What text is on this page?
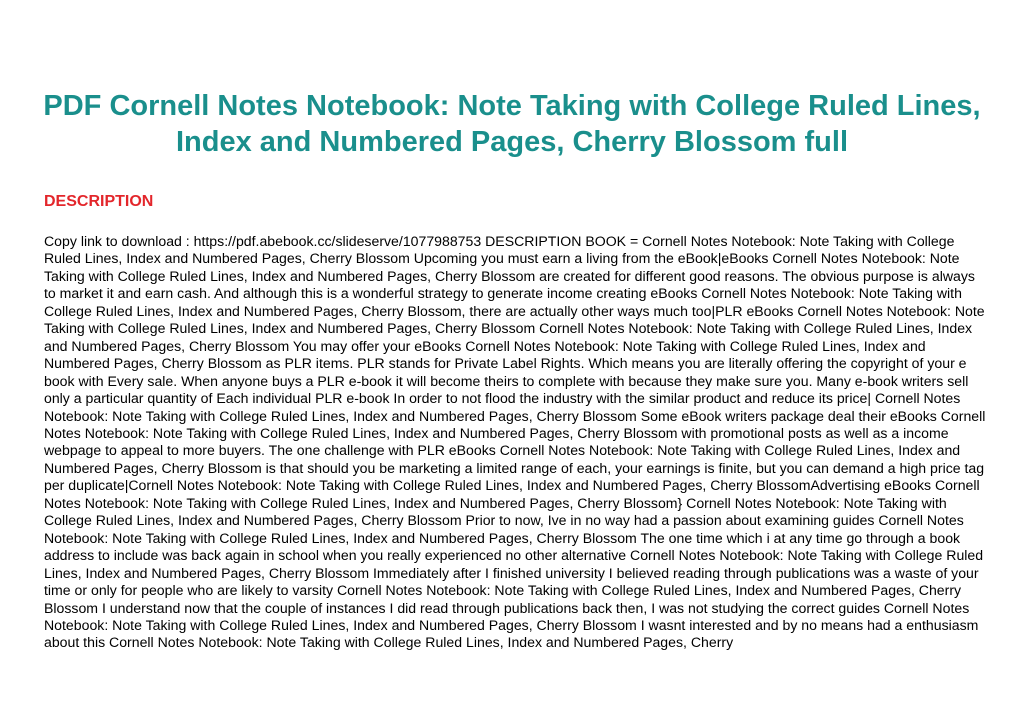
PDF Cornell Notes Notebook: Note Taking with College Ruled Lines, Index and Numbered Pages, Cherry Blossom full
DESCRIPTION

Copy link to download : https://pdf.abebook.cc/slideserve/1077988753 DESCRIPTION BOOK = Cornell Notes Notebook: Note Taking with College Ruled Lines, Index and Numbered Pages, Cherry Blossom Upcoming you must earn a living from the eBook|eBooks Cornell Notes Notebook: Note Taking with College Ruled Lines, Index and Numbered Pages, Cherry Blossom are created for different good reasons. The obvious purpose is always to market it and earn cash. And although this is a wonderful strategy to generate income creating eBooks Cornell Notes Notebook: Note Taking with College Ruled Lines, Index and Numbered Pages, Cherry Blossom, there are actually other ways much too|PLR eBooks Cornell Notes Notebook: Note Taking with College Ruled Lines, Index and Numbered Pages, Cherry Blossom Cornell Notes Notebook: Note Taking with College Ruled Lines, Index and Numbered Pages, Cherry Blossom You may offer your eBooks Cornell Notes Notebook: Note Taking with College Ruled Lines, Index and Numbered Pages, Cherry Blossom as PLR items. PLR stands for Private Label Rights. Which means you are literally offering the copyright of your e book with Every sale. When anyone buys a PLR e-book it will become theirs to complete with because they make sure you. Many e-book writers sell only a particular quantity of Each individual PLR e-book In order to not flood the industry with the similar product and reduce its price| Cornell Notes Notebook: Note Taking with College Ruled Lines, Index and Numbered Pages, Cherry Blossom Some eBook writers package deal their eBooks Cornell Notes Notebook: Note Taking with College Ruled Lines, Index and Numbered Pages, Cherry Blossom with promotional posts as well as a income webpage to appeal to more buyers. The one challenge with PLR eBooks Cornell Notes Notebook: Note Taking with College Ruled Lines, Index and Numbered Pages, Cherry Blossom is that should you be marketing a limited range of each, your earnings is finite, but you can demand a high price tag per duplicate|Cornell Notes Notebook: Note Taking with College Ruled Lines, Index and Numbered Pages, Cherry BlossomAdvertising eBooks Cornell Notes Notebook: Note Taking with College Ruled Lines, Index and Numbered Pages, Cherry Blossom} Cornell Notes Notebook: Note Taking with College Ruled Lines, Index and Numbered Pages, Cherry Blossom Prior to now, Ive in no way had a passion about examining guides Cornell Notes Notebook: Note Taking with College Ruled Lines, Index and Numbered Pages, Cherry Blossom The one time which i at any time go through a book address to include was back again in school when you really experienced no other alternative Cornell Notes Notebook: Note Taking with College Ruled Lines, Index and Numbered Pages, Cherry Blossom Immediately after I finished university I believed reading through publications was a waste of your time or only for people who are likely to varsity Cornell Notes Notebook: Note Taking with College Ruled Lines, Index and Numbered Pages, Cherry Blossom I understand now that the couple of instances I did read through publications back then, I was not studying the correct guides Cornell Notes Notebook: Note Taking with College Ruled Lines, Index and Numbered Pages, Cherry Blossom I wasnt interested and by no means had a enthusiasm about this Cornell Notes Notebook: Note Taking with College Ruled Lines, Index and Numbered Pages, Cherry
